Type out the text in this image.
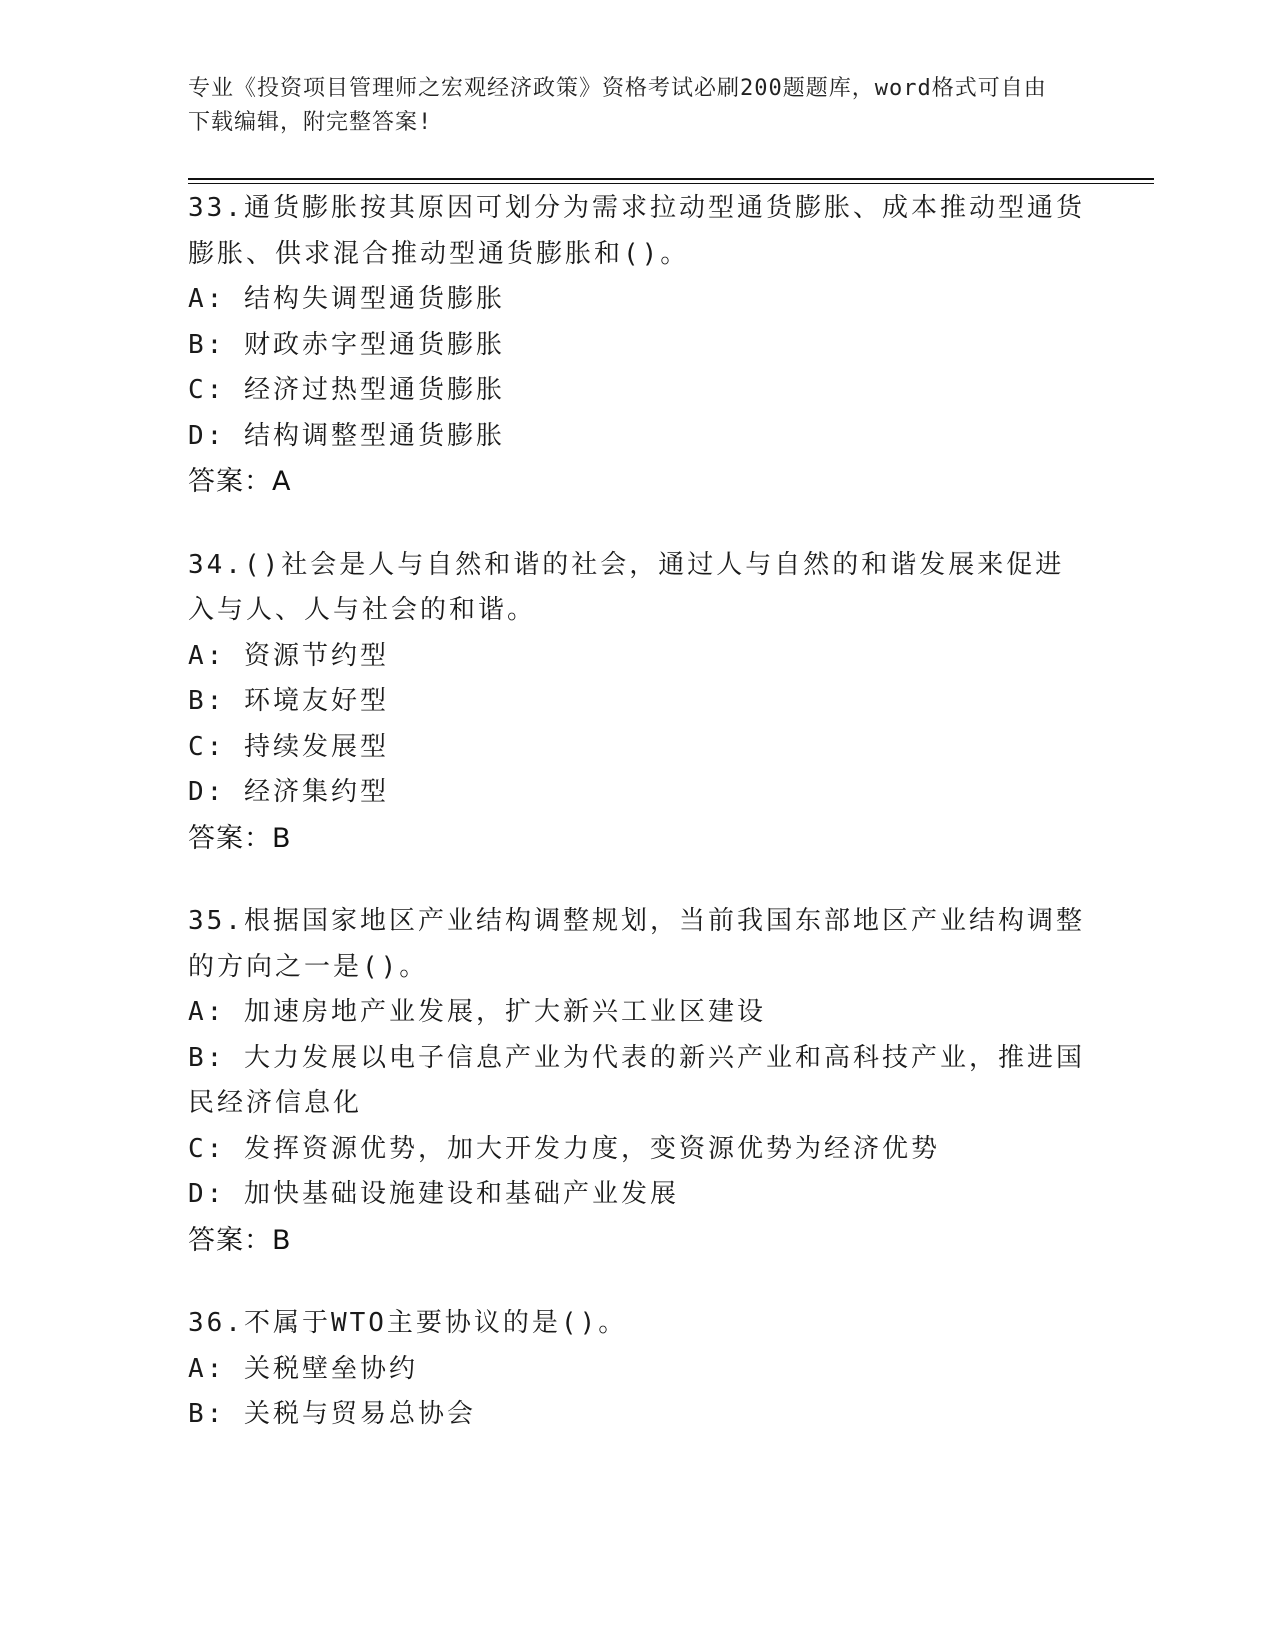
专业《投资项目管理师之宏观经济政策》资格考试必刷200题题库，word格式可自由下载编辑，附完整答案!
33.通货膨胀按其原因可划分为需求拉动型通货膨胀、成本推动型通货膨胀、供求混合推动型通货膨胀和()。
A: 结构失调型通货膨胀
B: 财政赤字型通货膨胀
C: 经济过热型通货膨胀
D: 结构调整型通货膨胀
答案：A
34.()社会是人与自然和谐的社会，通过人与自然的和谐发展来促进入与人、人与社会的和谐。
A: 资源节约型
B: 环境友好型
C: 持续发展型
D: 经济集约型
答案：B
35.根据国家地区产业结构调整规划，当前我国东部地区产业结构调整的方向之一是()。
A: 加速房地产业发展，扩大新兴工业区建设
B: 大力发展以电子信息产业为代表的新兴产业和高科技产业，推进国民经济信息化
C: 发挥资源优势，加大开发力度，变资源优势为经济优势
D: 加快基础设施建设和基础产业发展
答案：B
36.不属于WTO主要协议的是()。
A: 关税壁垒协约
B: 关税与贸易总协会
